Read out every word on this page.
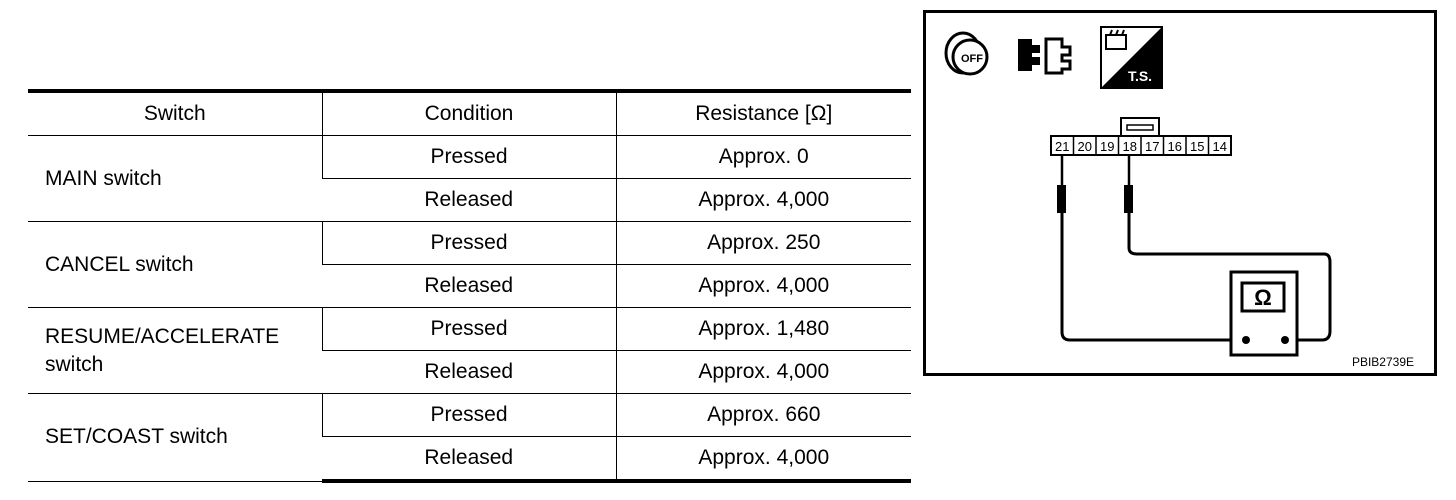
Switch	Condition	Resistance [Ω]
MAIN switch	Pressed	Approx. 0
	Released	Approx. 4,000
CANCEL switch	Pressed	Approx. 250
	Released	Approx. 4,000
RESUME/ACCELERATE switch	Pressed	Approx. 1,480
	Released	Approx. 4,000
SET/COAST switch	Pressed	Approx. 660
	Released	Approx. 4,000
OFF
T.S.
21 20 19 18 17 16 15 14
Ω
PBIB2739E
